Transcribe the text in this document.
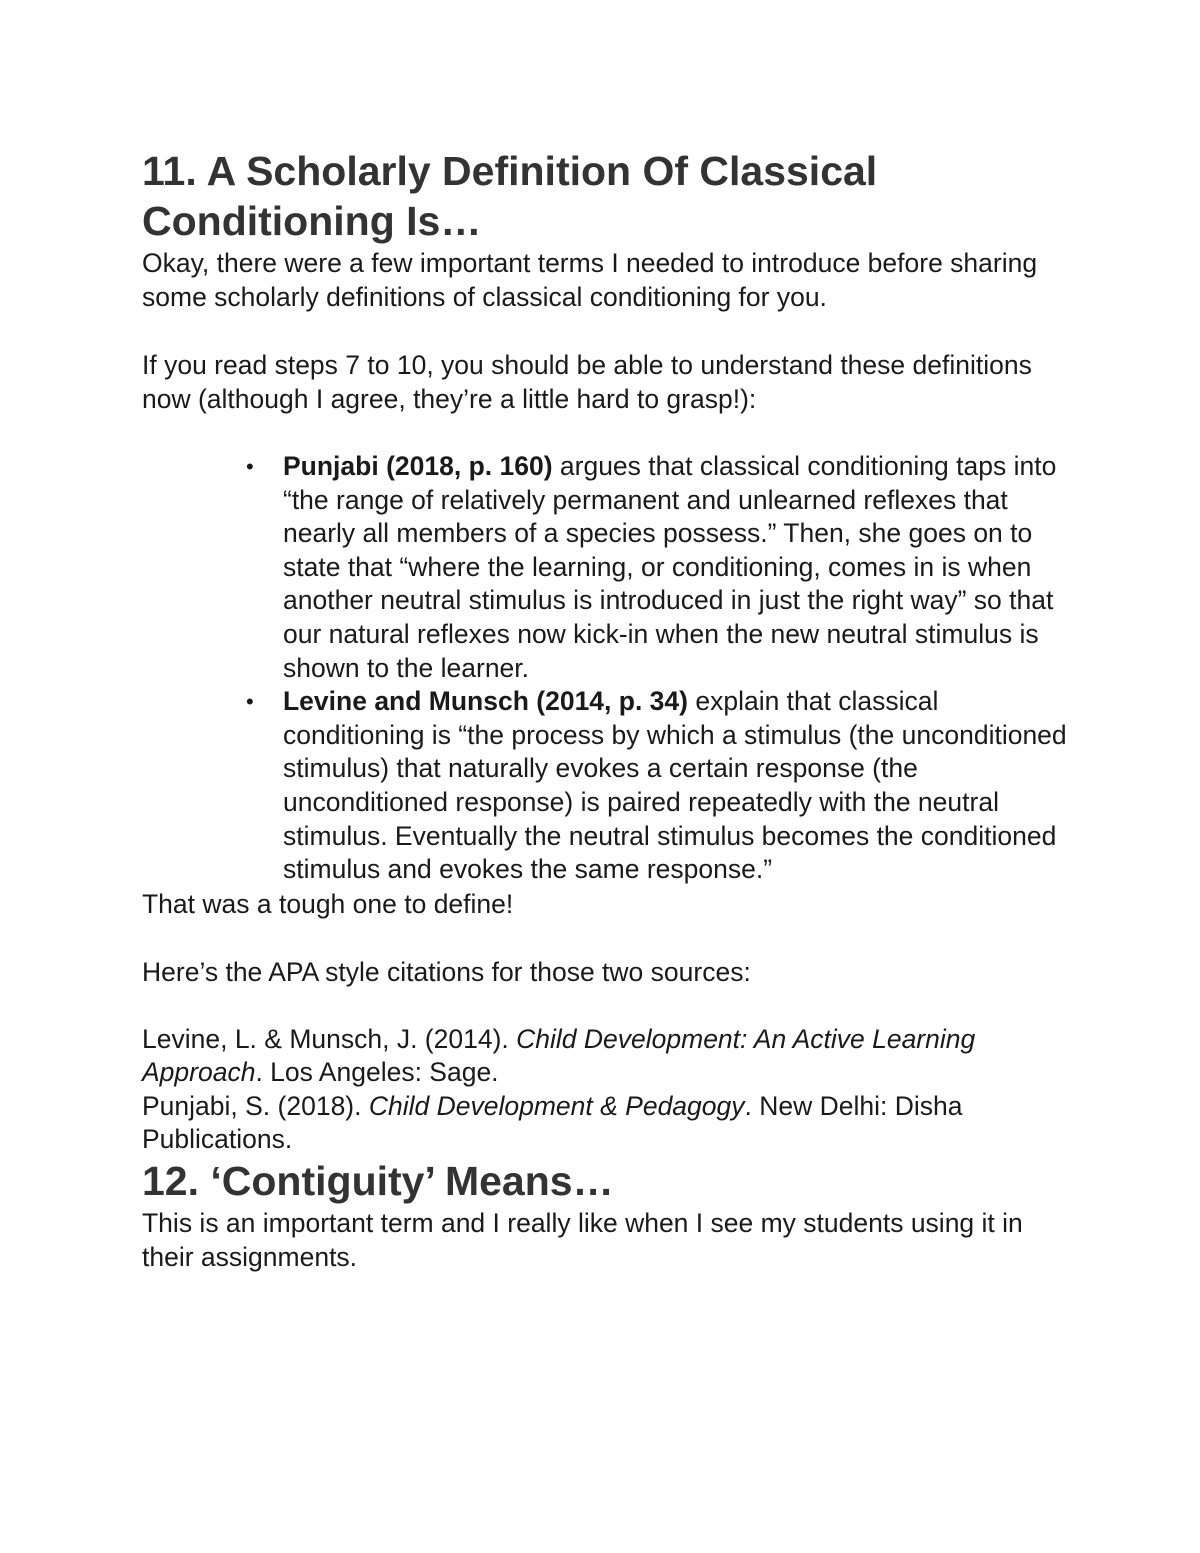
11. A Scholarly Definition Of Classical Conditioning Is…

Okay, there were a few important terms I needed to introduce before sharing some scholarly definitions of classical conditioning for you.

If you read steps 7 to 10, you should be able to understand these definitions now (although I agree, they’re a little hard to grasp!):

• Punjabi (2018, p. 160) argues that classical conditioning taps into “the range of relatively permanent and unlearned reflexes that nearly all members of a species possess.” Then, she goes on to state that “where the learning, or conditioning, comes in is when another neutral stimulus is introduced in just the right way” so that our natural reflexes now kick-in when the new neutral stimulus is shown to the learner.
• Levine and Munsch (2014, p. 34) explain that classical conditioning is “the process by which a stimulus (the unconditioned stimulus) that naturally evokes a certain response (the unconditioned response) is paired repeatedly with the neutral stimulus. Eventually the neutral stimulus becomes the conditioned stimulus and evokes the same response.”

That was a tough one to define!

Here’s the APA style citations for those two sources:

Levine, L. & Munsch, J. (2014). Child Development: An Active Learning Approach. Los Angeles: Sage.

Punjabi, S. (2018). Child Development & Pedagogy. New Delhi: Disha Publications.

12. ‘Contiguity’ Means…

This is an important term and I really like when I see my students using it in their assignments.
